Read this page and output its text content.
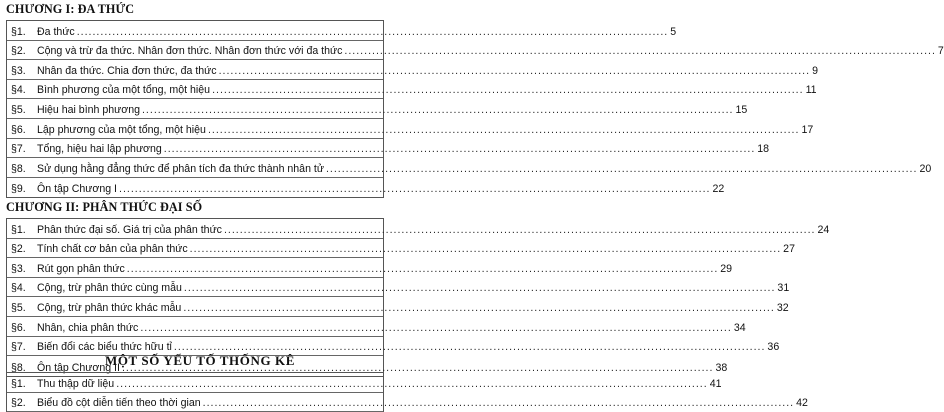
CHƯƠNG I: ĐA THỨC
§1.	Đa thức .....	5
§2.	Cộng và trừ đa thức. Nhân đơn thức. Nhân đơn thức với đa thức .....	7
§3.	Nhân đa thức. Chia đơn thức, đa thức .....	9
§4.	Bình phương của một tổng, một hiệu .....	11
§5.	Hiệu hai bình phương .....	15
§6.	Lập phương của một tổng, một hiệu .....	17
§7.	Tổng, hiệu hai lập phương .....	18
§8.	Sử dụng hằng đẳng thức để phân tích đa thức thành nhân tử .....	20
§9.	Ôn tập Chương I .....	22
CHƯƠNG II: PHÂN THỨC ĐẠI SỐ
§1.	Phân thức đại số. Giá trị của phân thức .....	24
§2.	Tính chất cơ bản của phân thức .....	27
§3.	Rút gọn phân thức .....	29
§4.	Cộng, trừ phân thức cùng mẫu .....	31
§5.	Cộng, trừ phân thức khác mẫu .....	32
§6.	Nhân, chia phân thức .....	34
§7.	Biến đổi các biểu thức hữu tỉ .....	36
§8.	Ôn tập Chương II .....	38
MỘT SỐ YẾU TỐ THỐNG KÊ
§1.	Thu thập dữ liệu .....	41
§2.	Biểu đồ cột diễn tiến theo thời gian .....	42
